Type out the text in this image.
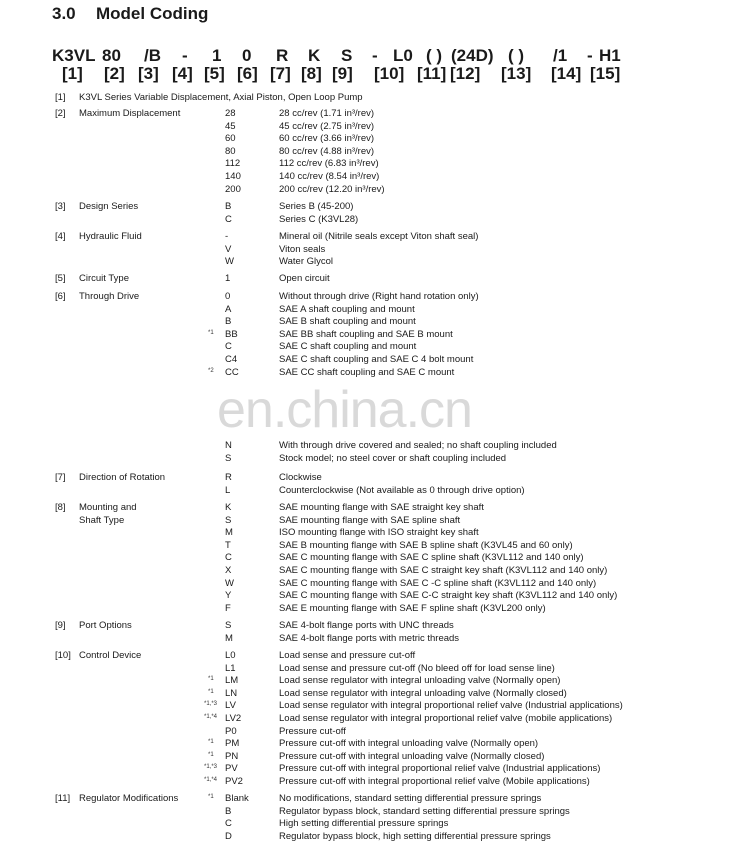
3.0 Model Coding
K3VL 80 /B - 1 0 R K S - L0 ( ) (24D) ( ) /1 - H1
[1] [2] [3] [4] [5] [6] [7] [8] [9] [10] [11] [12] [13] [14] [15]
en.china.cn
[1] K3VL Series Variable Displacement, Axial Piston, Open Loop Pump
[2] Maximum Displacement	28	28 cc/rev (1.71 in³/rev)
45	45 cc/rev (2.75 in³/rev)
60	60 cc/rev (3.66 in³/rev)
80	80 cc/rev (4.88 in³/rev)
112	112 cc/rev (6.83 in³/rev)
140	140 cc/rev (8.54 in³/rev)
200	200 cc/rev (12.20 in³/rev)
[3] Design Series	B	Series B (45-200)
C	Series C (K3VL28)
[4] Hydraulic Fluid	-	Mineral oil (Nitrile seals except Viton shaft seal)
V	Viton seals
W	Water Glycol
[5] Circuit Type	1	Open circuit
[6] Through Drive	0	Without through drive (Right hand rotation only)
A	SAE A shaft coupling and mount
B	SAE B shaft coupling and mount
*1 BB	SAE BB shaft coupling and SAE B mount
C	SAE C shaft coupling and mount
C4	SAE C shaft coupling and SAE C 4 bolt mount
*2 CC	SAE CC shaft coupling and SAE C mount
N	With through drive covered and sealed; no shaft coupling included
S	Stock model; no steel cover or shaft coupling included
[7] Direction of Rotation	R	Clockwise
L	Counterclockwise (Not available as 0 through drive option)
[8] Mounting and Shaft Type
K	SAE mounting flange with SAE straight key shaft
S	SAE mounting flange with SAE spline shaft
M	ISO mounting flange with ISO straight key shaft
T	SAE B mounting flange with SAE B spline shaft (K3VL45 and 60 only)
C	SAE C mounting flange with SAE C spline shaft (K3VL112 and 140 only)
X	SAE C mounting flange with SAE C straight key shaft (K3VL112 and 140 only)
W	SAE C mounting flange with SAE C -C spline shaft (K3VL112 and 140 only)
Y	SAE C mounting flange with SAE C-C straight key shaft (K3VL112 and 140 only)
F	SAE E mounting flange with SAE F spline shaft (K3VL200 only)
[9] Port Options	S	SAE 4-bolt flange ports with UNC threads
M	SAE 4-bolt flange ports with metric threads
[10] Control Device	L0	Load sense and pressure cut-off
L1	Load sense and pressure cut-off (No bleed off for load sense line)
*1 LM	Load sense regulator with integral unloading valve (Normally open)
*1 LN	Load sense regulator with integral unloading valve (Normally closed)
*1,*3 LV	Load sense regulator with integral proportional relief valve (Industrial applications)
*1,*4 LV2	Load sense regulator with integral proportional relief valve (mobile applications)
P0	Pressure cut-off
*1 PM	Pressure cut-off with integral unloading valve (Normally open)
*1 PN	Pressure cut-off with integral unloading valve (Normally closed)
*1,*3 PV	Pressure cut-off with integral proportional relief valve (Industrial applications)
*1,*4 PV2	Pressure cut-off with integral proportional relief valve (Mobile applications)
[11] Regulator Modifications	*1 Blank	No modifications, standard setting differential pressure springs
B	Regulator bypass block, standard setting differential pressure springs
C	High setting differential pressure springs
D	Regulator bypass block, high setting differential pressure springs
